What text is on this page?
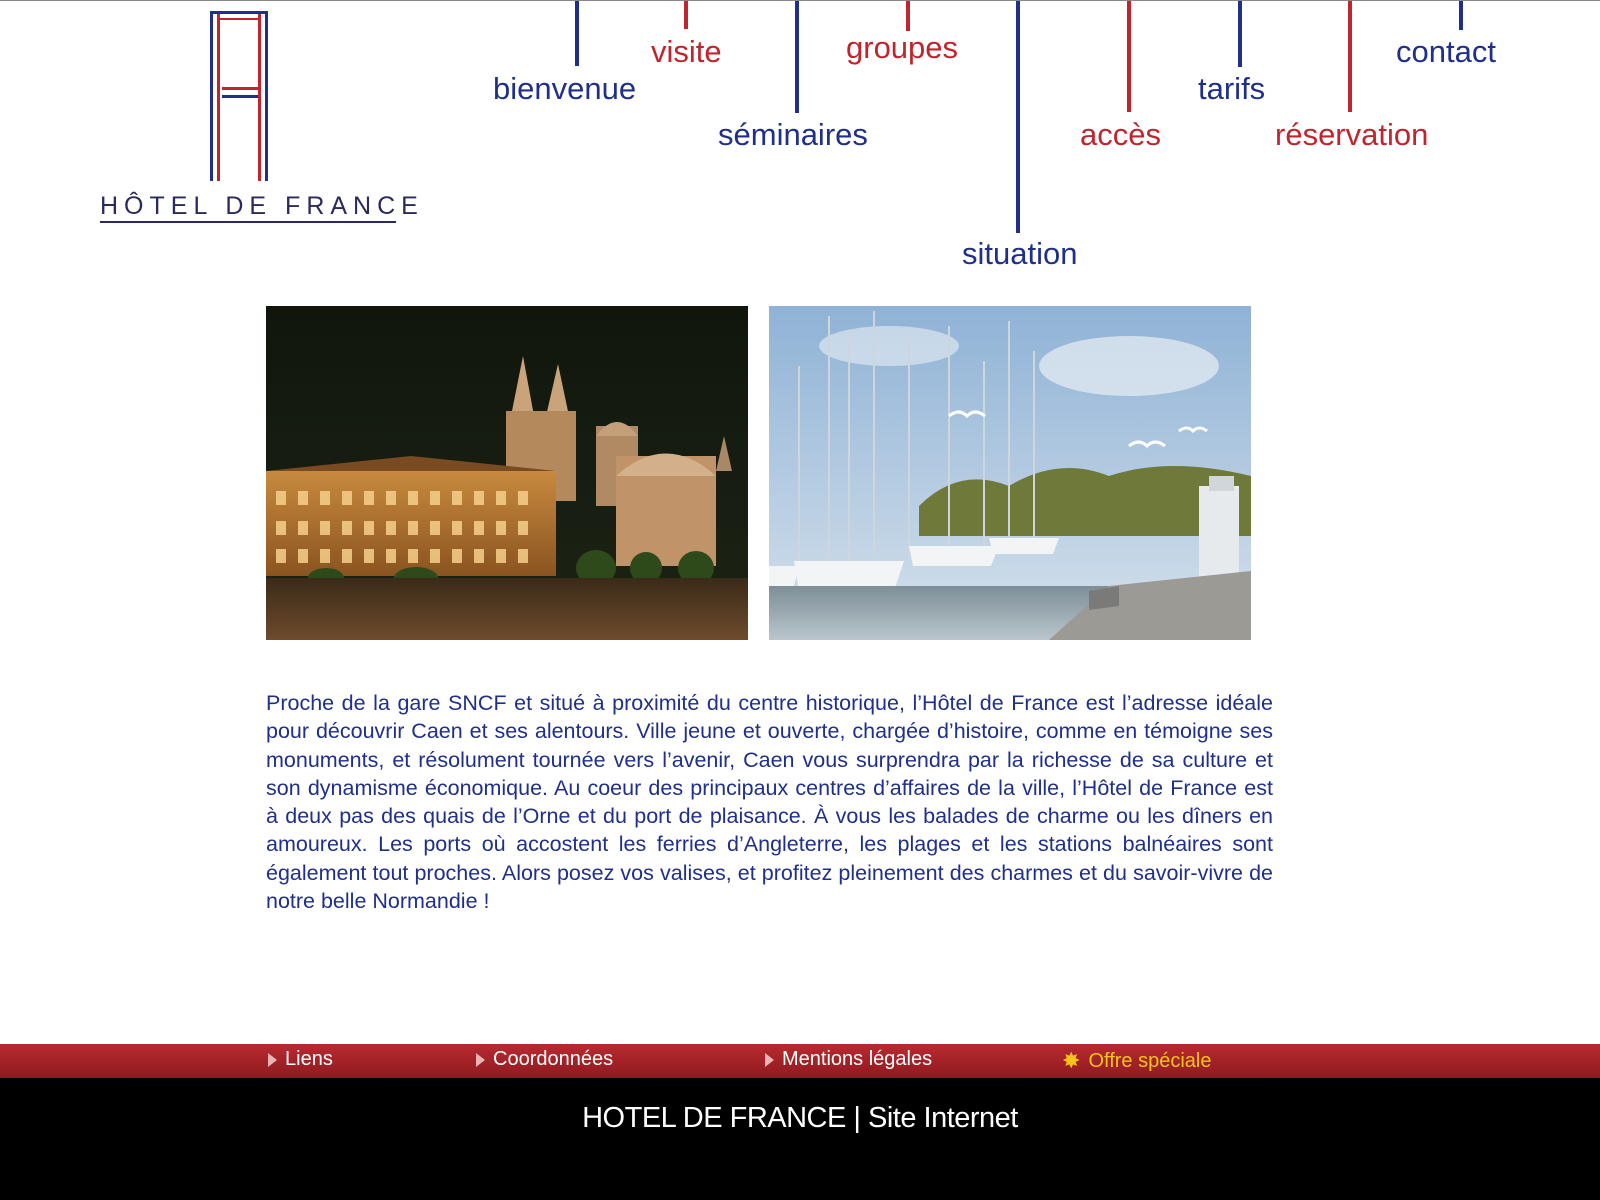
HÔTEL DE FRANCE
bienvenue
visite
séminaires
groupes
situation
accès
tarifs
réservation
contact

Proche de la gare SNCF et situé à proximité du centre historique, l’Hôtel de France est l’adresse idéale pour découvrir Caen et ses alentours. Ville jeune et ouverte, chargée d’histoire, comme en témoigne ses monuments, et résolument tournée vers l’avenir, Caen vous surprendra par la richesse de sa culture et son dynamisme économique. Au coeur des principaux centres d’affaires de la ville, l’Hôtel de France est à deux pas des quais de l’Orne et du port de plaisance. À vous les balades de charme ou les dîners en amoureux. Les ports où accostent les ferries d’Angleterre, les plages et les stations balnéaires sont également tout proches. Alors posez vos valises, et profitez pleinement des charmes et du savoir-vivre de notre belle Normandie !

Liens	Coordonnées	Mentions légales	✸ Offre spéciale
HOTEL DE FRANCE | Site Internet
